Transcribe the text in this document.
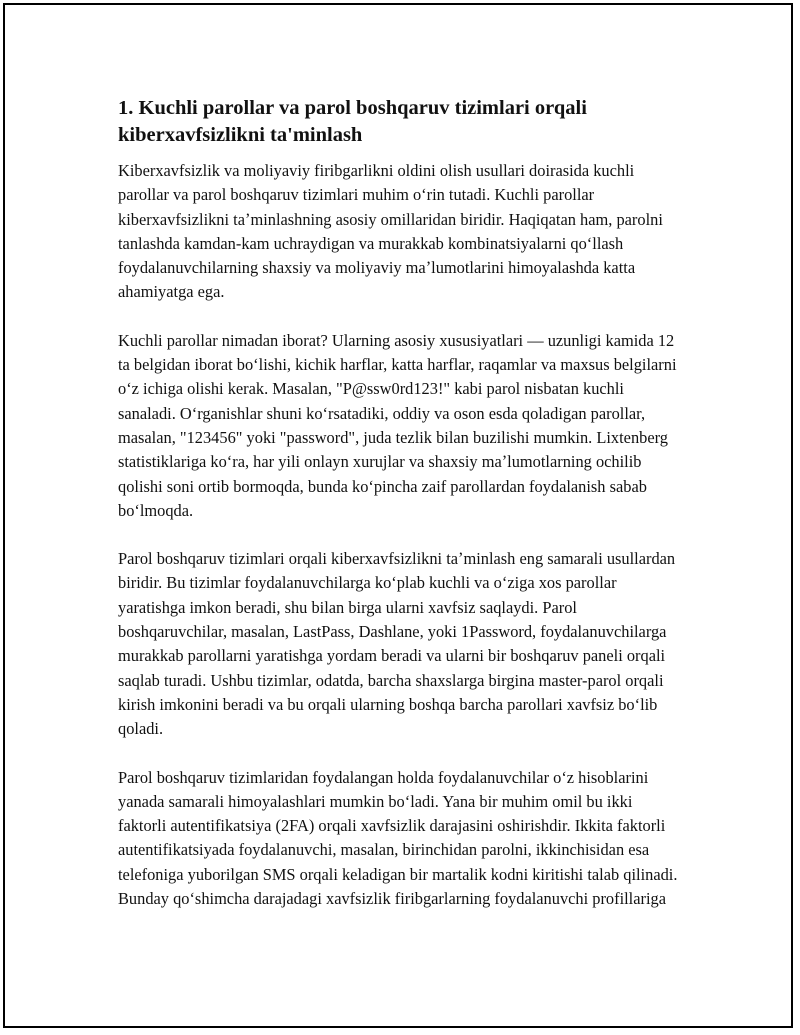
1. Kuchli parollar va parol boshqaruv tizimlari orqali kiberxavfsizlikni ta'minlash

Kiberxavfsizlik va moliyaviy firibgarlikni oldini olish usullari doirasida kuchli parollar va parol boshqaruv tizimlari muhim oʻrin tutadi. Kuchli parollar kiberxavfsizlikni taʼminlashning asosiy omillaridan biridir. Haqiqatan ham, parolni tanlashda kamdan-kam uchraydigan va murakkab kombinatsiyalarni qoʻllash foydalanuvchilarning shaxsiy va moliyaviy maʼlumotlarini himoyalashda katta ahamiyatga ega.

Kuchli parollar nimadan iborat? Ularning asosiy xususiyatlari — uzunligi kamida 12 ta belgidan iborat boʻlishi, kichik harflar, katta harflar, raqamlar va maxsus belgilarni oʻz ichiga olishi kerak. Masalan, "P@ssw0rd123!" kabi parol nisbatan kuchli sanaladi. Oʻrganishlar shuni koʻrsatadiki, oddiy va oson esda qoladigan parollar, masalan, "123456" yoki "password", juda tezlik bilan buzilishi mumkin. Lixtenberg statistiklariga koʻra, har yili onlayn xurujlar va shaxsiy maʼlumotlarning ochilib qolishi soni ortib bormoqda, bunda koʻpincha zaif parollardan foydalanish sabab boʻlmoqda.

Parol boshqaruv tizimlari orqali kiberxavfsizlikni taʼminlash eng samarali usullardan biridir. Bu tizimlar foydalanuvchilarga koʻplab kuchli va oʻziga xos parollar yaratishga imkon beradi, shu bilan birga ularni xavfsiz saqlaydi. Parol boshqaruvchilar, masalan, LastPass, Dashlane, yoki 1Password, foydalanuvchilarga murakkab parollarni yaratishga yordam beradi va ularni bir boshqaruv paneli orqali saqlab turadi. Ushbu tizimlar, odatda, barcha shaxslarga birgina master-parol orqali kirish imkonini beradi va bu orqali ularning boshqa barcha parollari xavfsiz boʻlib qoladi.

Parol boshqaruv tizimlaridan foydalangan holda foydalanuvchilar oʻz hisoblarini yanada samarali himoyalashlari mumkin boʻladi. Yana bir muhim omil bu ikki faktorli autentifikatsiya (2FA) orqali xavfsizlik darajasini oshirishdir. Ikkita faktorli autentifikatsiyada foydalanuvchi, masalan, birinchidan parolni, ikkinchisidan esa telefoniga yuborilgan SMS orqali keladigan bir martalik kodni kiritishi talab qilinadi. Bunday qoʻshimcha darajadagi xavfsizlik firibgarlarning foydalanuvchi profillariga
